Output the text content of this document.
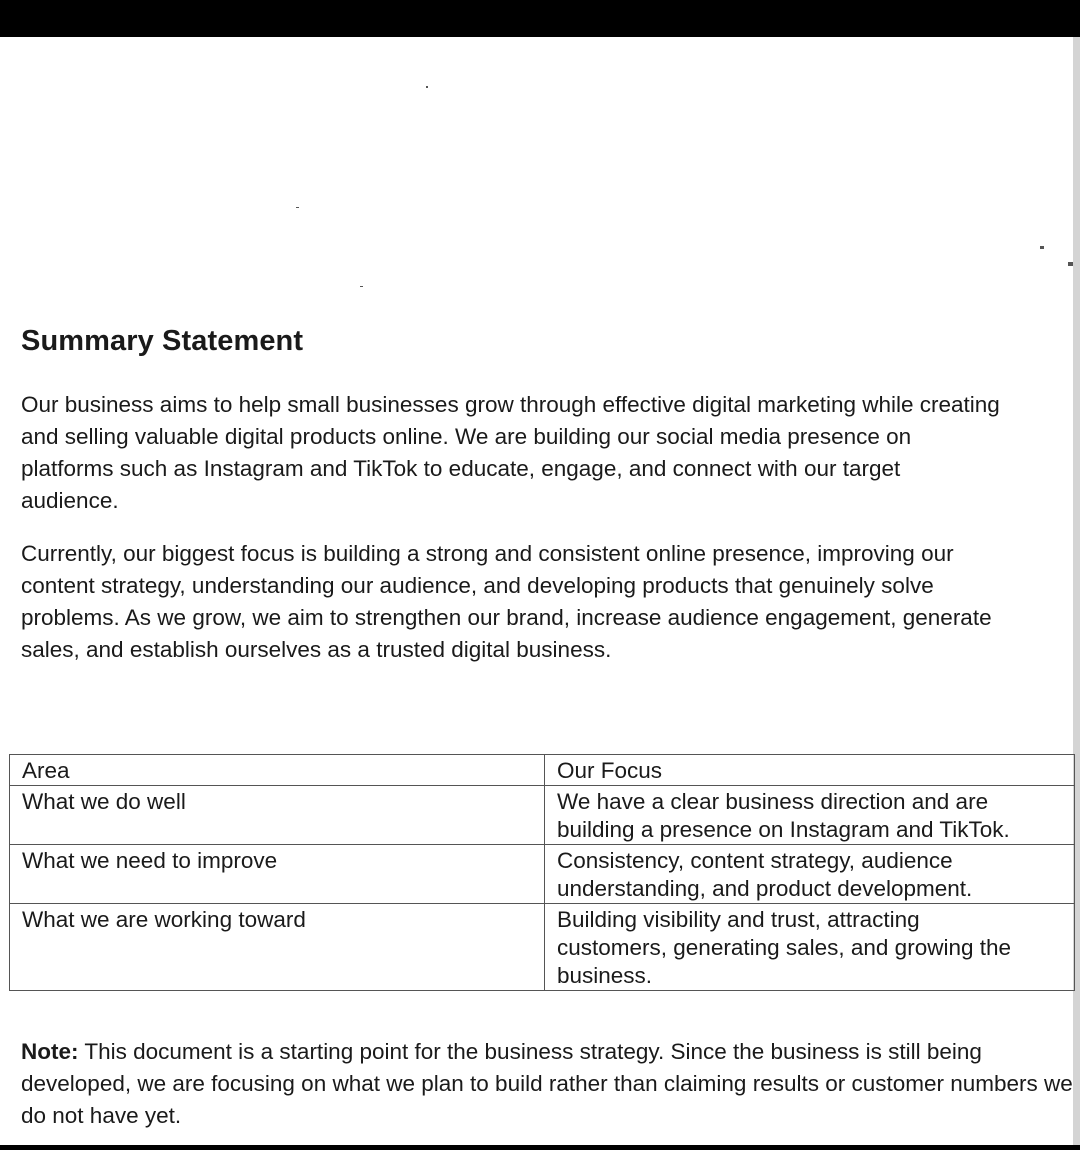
Summary Statement
Our business aims to help small businesses grow through effective digital marketing while creating
and selling valuable digital products online. We are building our social media presence on
platforms such as Instagram and TikTok to educate, engage, and connect with our target
audience.
Currently, our biggest focus is building a strong and consistent online presence, improving our
content strategy, understanding our audience, and developing products that genuinely solve
problems. As we grow, we aim to strengthen our brand, increase audience engagement, generate
sales, and establish ourselves as a trusted digital business.
Area	Our Focus
What we do well	We have a clear business direction and are
building a presence on Instagram and TikTok.

What we need to improve	Consistency, content strategy, audience
understanding, and product development.

What we are working toward	Building visibility and trust, attracting
customers, generating sales, and growing the
business.

Note: This document is a starting point for the business strategy. Since the business is still being developed, we are focusing on what we plan to build rather than claiming results or customer numbers we do not have yet.
